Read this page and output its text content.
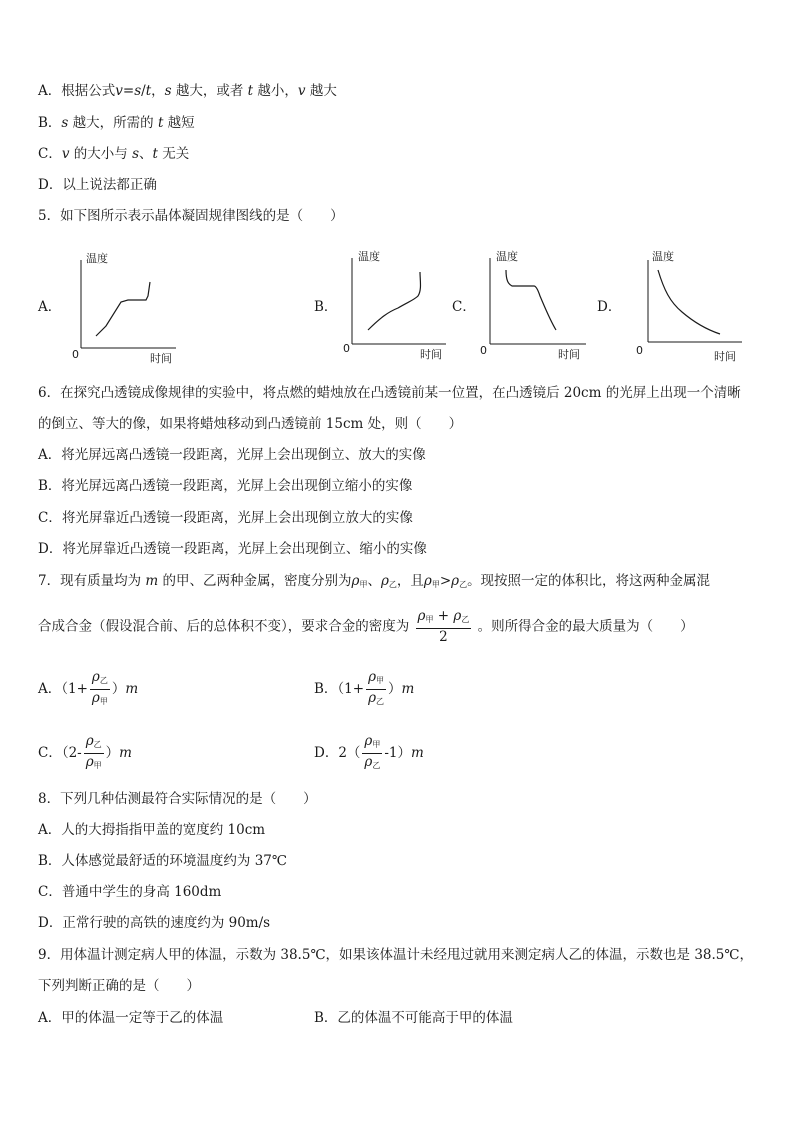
A．根据公式v=s/t，s 越大，或者 t 越小，v 越大
B．s 越大，所需的 t 越短
C．v 的大小与 s、t 无关
D．以上说法都正确
5．如下图所示表示晶体凝固规律图线的是（　　）
A．
温度
0	时间
B．
温度
0	时间
C．
温度
0	时间
D．
温度
0	时间
6．在探究凸透镜成像规律的实验中，将点燃的蜡烛放在凸透镜前某一位置，在凸透镜后 20cm 的光屏上出现一个清晰
的倒立、等大的像，如果将蜡烛移动到凸透镜前 15cm 处，则（　　）
A．将光屏远离凸透镜一段距离，光屏上会出现倒立、放大的实像
B．将光屏远离凸透镜一段距离，光屏上会出现倒立缩小的实像
C．将光屏靠近凸透镜一段距离，光屏上会出现倒立放大的实像
D．将光屏靠近凸透镜一段距离，光屏上会出现倒立、缩小的实像
7．现有质量均为 m 的甲、乙两种金属，密度分别为$\rho_甲$、$\rho_乙$，且$\rho_甲>\rho_乙$。现按照一定的体积比，将这两种金属混
合成合金（假设混合前、后的总体积不变），要求合金的密度为 $\frac{\rho_甲 + \rho_乙}{2}$ 。则所得合金的最大质量为（　　）
A．$(1+ \frac{\rho_乙}{\rho_甲} )m$	B．$(1+ \frac{\rho_甲}{\rho_乙} )m$
C．$(2- \frac{\rho_乙}{\rho_甲} )m$	D．$2( \frac{\rho_甲}{\rho_乙} -1)m$
8．下列几种估测最符合实际情况的是（　　）
A．人的大拇指指甲盖的宽度约 10cm
B．人体感觉最舒适的环境温度约为 37℃
C．普通中学生的身高 160dm
D．正常行驶的高铁的速度约为 90m/s
9．用体温计测定病人甲的体温，示数为 38.5℃，如果该体温计未经甩过就用来测定病人乙的体温，示数也是 38.5℃，
下列判断正确的是（　　）
A．甲的体温一定等于乙的体温	B．乙的体温不可能高于甲的体温
